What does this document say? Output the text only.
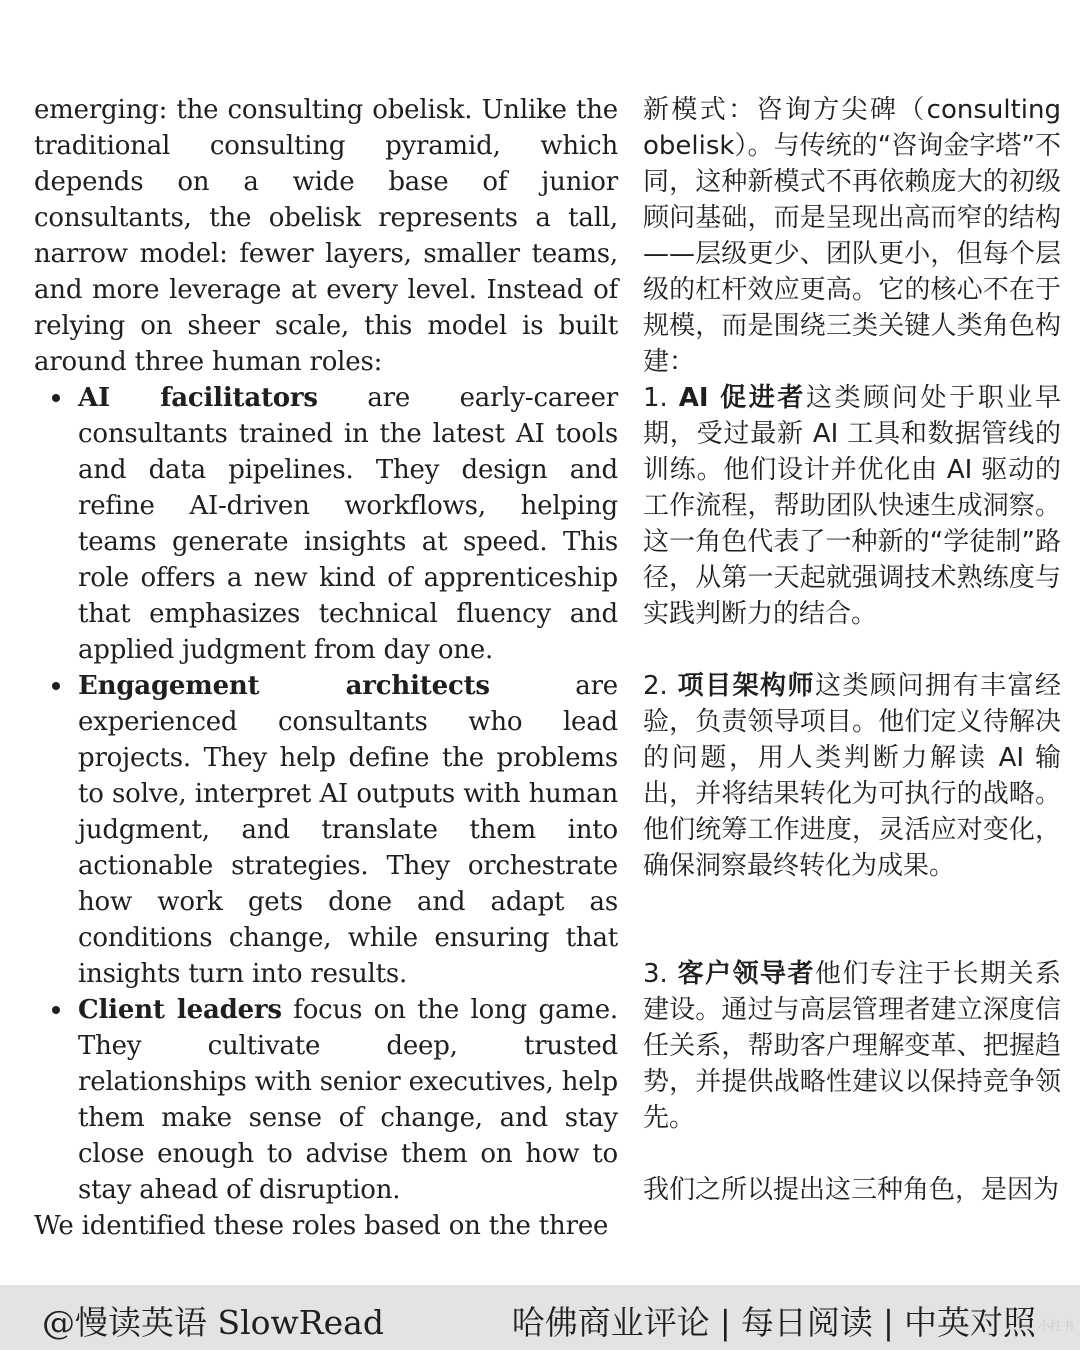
emerging: the consulting obelisk. Unlike the traditional consulting pyramid, which depends on a wide base of junior consultants, the obelisk represents a tall, narrow model: fewer layers, smaller teams, and more leverage at every level. Instead of relying on sheer scale, this model is built around three human roles:

AI facilitators are early-career consultants trained in the latest AI tools and data pipelines. They design and refine AI-driven workflows, helping teams generate insights at speed. This role offers a new kind of apprenticeship that emphasizes technical fluency and applied judgment from day one.
Engagement architects are experienced consultants who lead projects. They help define the problems to solve, interpret AI outputs with human judgment, and translate them into actionable strategies. They orchestrate how work gets done and adapt as conditions change, while ensuring that insights turn into results.
Client leaders focus on the long game. They cultivate deep, trusted relationships with senior executives, help them make sense of change, and stay close enough to advise them on how to stay ahead of disruption.

We identified these roles based on the three

新模式：咨询方尖碑（consulting obelisk）。与传统的“咨询金字塔”不同，这种新模式不再依赖庞大的初级顾问基础，而是呈现出高而窄的结构——层级更少、团队更小，但每个层级的杠杆效应更高。它的核心不在于规模，而是围绕三类关键人类角色构建：

1. AI 促进者这类顾问处于职业早期，受过最新 AI 工具和数据管线的训练。他们设计并优化由 AI 驱动的工作流程，帮助团队快速生成洞察。这一角色代表了一种新的“学徒制”路径，从第一天起就强调技术熟练度与实践判断力的结合。

2. 项目架构师这类顾问拥有丰富经验，负责领导项目。他们定义待解决的问题，用人类判断力解读 AI 输出，并将结果转化为可执行的战略。他们统筹工作进度，灵活应对变化，确保洞察最终转化为成果。

3. 客户领导者他们专注于长期关系建设。通过与高层管理者建立深度信任关系，帮助客户理解变革、把握趋势，并提供战略性建议以保持竞争领先。

我们之所以提出这三种角色，是因为

@慢读英语 SlowRead	哈佛商业评论 | 每日阅读 | 中英对照 小红书
